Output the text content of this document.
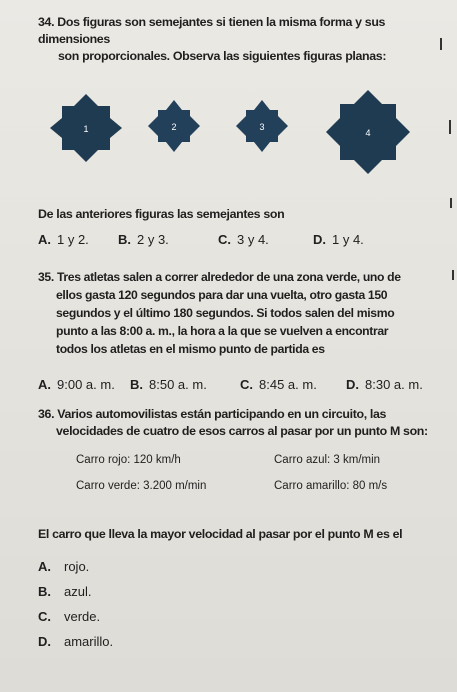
34. Dos figuras son semejantes si tienen la misma forma y sus dimensiones
son proporcionales. Observa las siguientes figuras planas:
1	2	3
4
De las anteriores figuras las semejantes son
A. 1 y 2. B. 2 y 3.	C. 3 y 4.	D. 1 y 4.
35. Tres atletas salen a correr alrededor de una zona verde, uno de
ellos gasta 120 segundos para dar una vuelta, otro gasta 150
segundos y el último 180 segundos. Si todos salen del mismo
punto a las 8:00 a. m., la hora a la que se vuelven a encontrar
todos los atletas en el mismo punto de partida es
A. 9:00 a. m. B. 8:50 a. m.	C. 8:45 a. m. D. 8:30 a. m.
36. Varios automovilistas están participando en un circuito, las
velocidades de cuatro de esos carros al pasar por un punto M son:
Carro rojo: 120 km/h	Carro azul: 3 km/min
Carro verde: 3.200 m/min	Carro amarillo: 80 m/s
El carro que lleva la mayor velocidad al pasar por el punto M es el
A. rojo.
B. azul.
C. verde.
D. amarillo.
